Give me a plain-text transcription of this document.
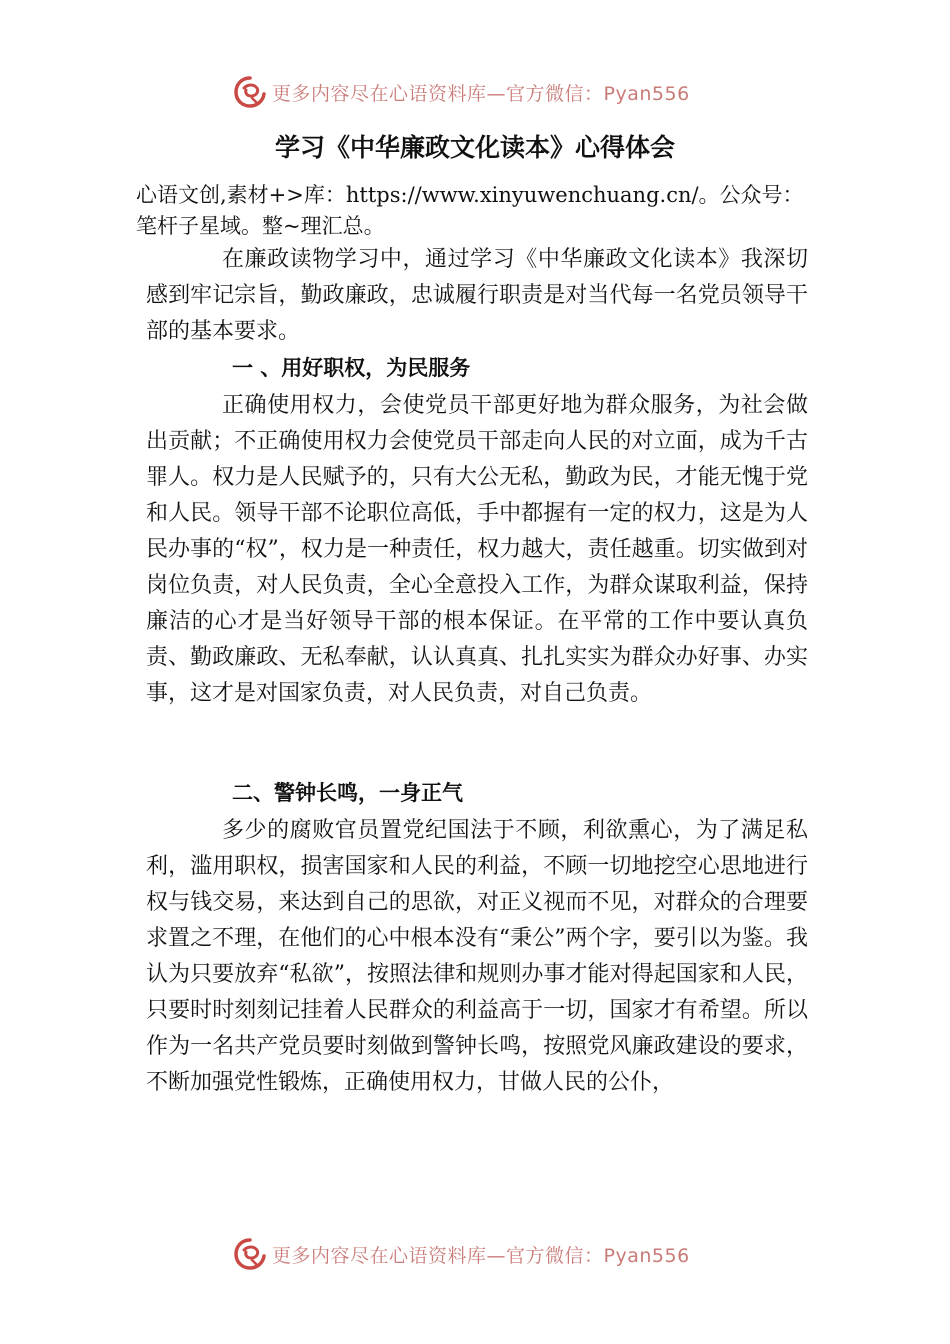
更多内容尽在心语资料库—官方微信：Pyan556
学习《中华廉政文化读本》心得体会
心语文创,素材+>库：https://www.xinyuwenchuang.cn/。公众号：笔杆子星域。整~理汇总。
在廉政读物学习中，通过学习《中华廉政文化读本》我深切感到牢记宗旨，勤政廉政，忠诚履行职责是对当代每一名党员领导干部的基本要求。
一 、用好职权，为民服务
正确使用权力，会使党员干部更好地为群众服务，为社会做出贡献；不正确使用权力会使党员干部走向人民的对立面，成为千古罪人。权力是人民赋予的，只有大公无私，勤政为民，才能无愧于党和人民。领导干部不论职位高低，手中都握有一定的权力，这是为人民办事的“权”，权力是一种责任，权力越大，责任越重。切实做到对岗位负责，对人民负责，全心全意投入工作，为群众谋取利益，保持廉洁的心才是当好领导干部的根本保证。在平常的工作中要认真负责、勤政廉政、无私奉献，认认真真、扎扎实实为群众办好事、办实事，这才是对国家负责，对人民负责，对自己负责。
二、警钟长鸣，一身正气
多少的腐败官员置党纪国法于不顾，利欲熏心，为了满足私利，滥用职权，损害国家和人民的利益，不顾一切地挖空心思地进行权与钱交易，来达到自己的思欲，对正义视而不见，对群众的合理要求置之不理，在他们的心中根本没有“秉公”两个字，要引以为鉴。我认为只要放弃“私欲”，按照法律和规则办事才能对得起国家和人民，只要时时刻刻记挂着人民群众的利益高于一切，国家才有希望。所以作为一名共产党员要时刻做到警钟长鸣，按照党风廉政建设的要求，不断加强党性锻炼，正确使用权力，甘做人民的公仆，
更多内容尽在心语资料库—官方微信：Pyan556
